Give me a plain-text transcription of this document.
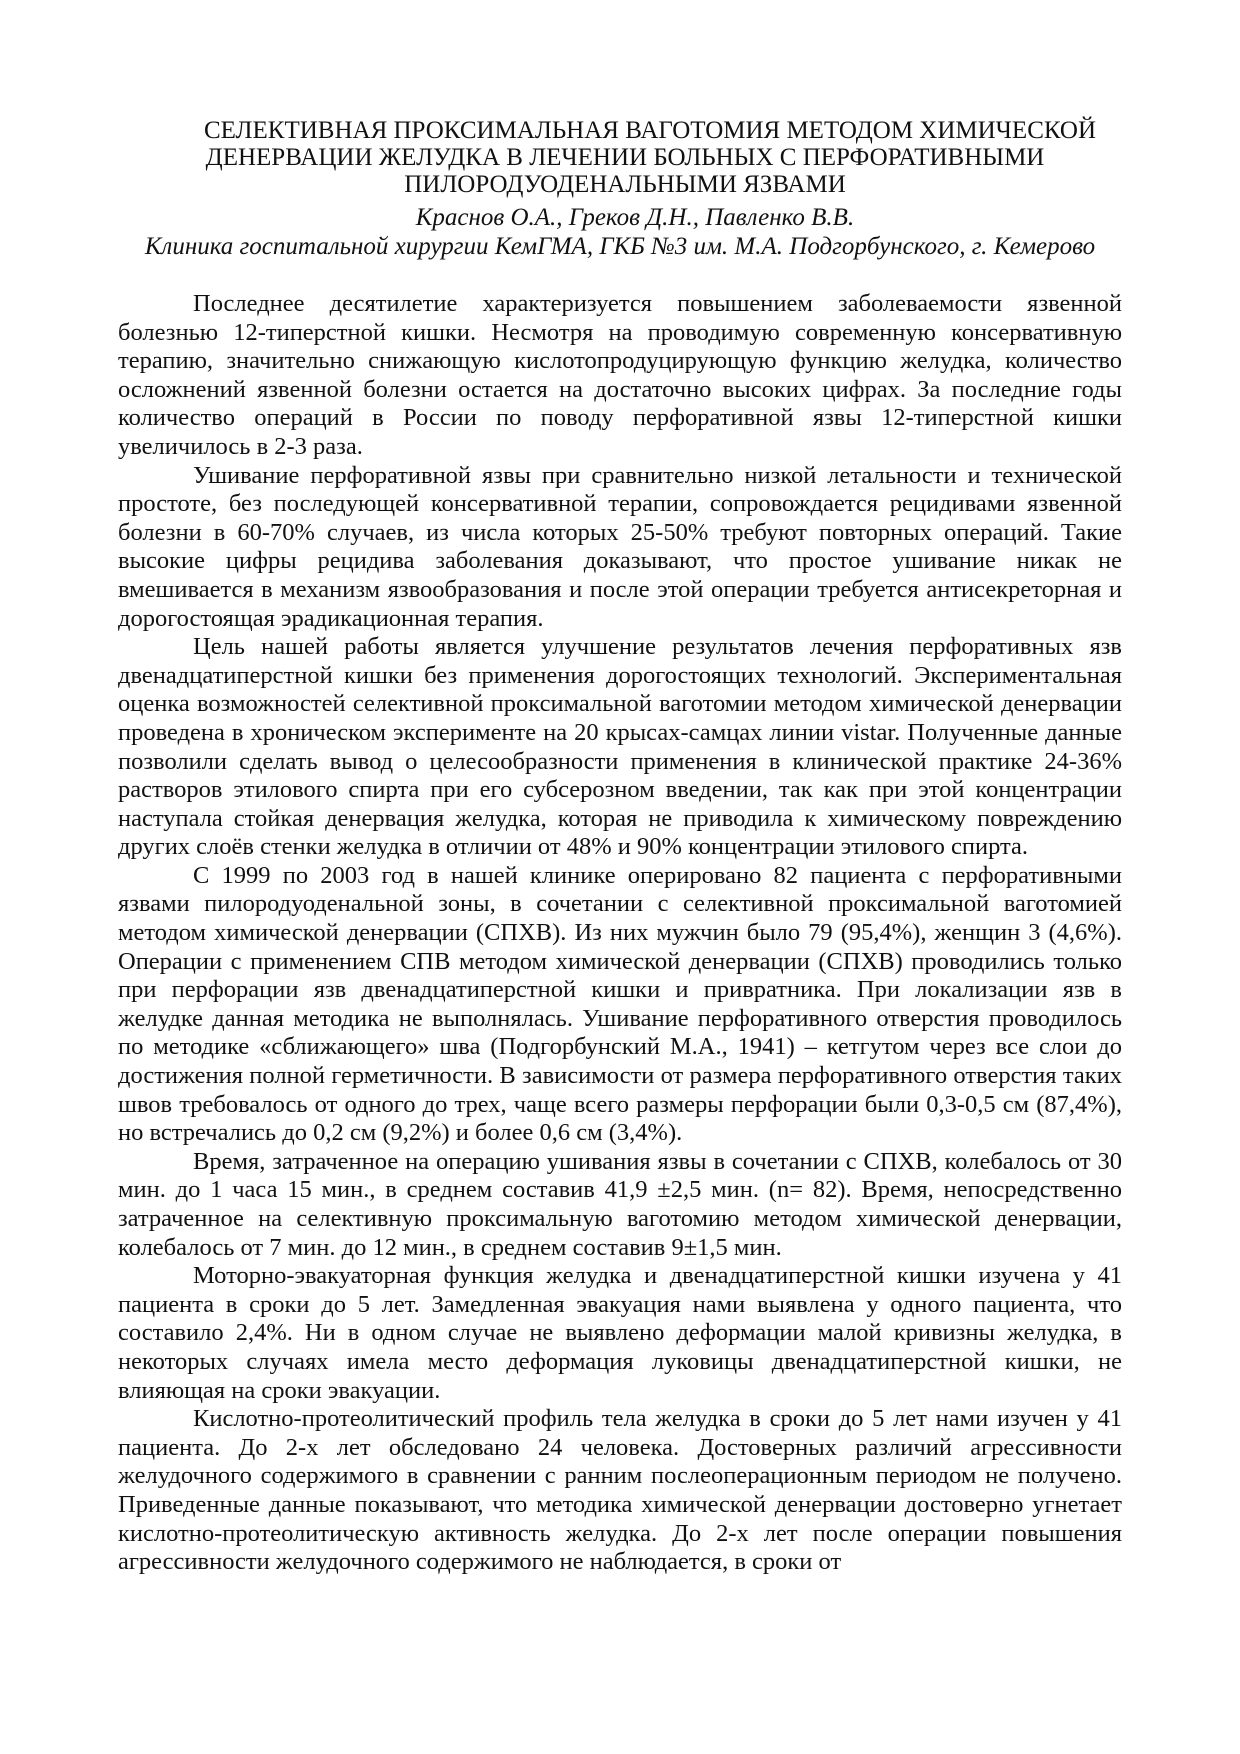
СЕЛЕКТИВНАЯ ПРОКСИМАЛЬНАЯ ВАГОТОМИЯ МЕТОДОМ ХИМИЧЕСКОЙ
ДЕНЕРВАЦИИ ЖЕЛУДКА В ЛЕЧЕНИИ БОЛЬНЫХ С ПЕРФОРАТИВНЫМИ
ПИЛОРОДУОДЕНАЛЬНЫМИ ЯЗВАМИ
Краснов О.А., Греков Д.Н., Павленко В.В.
Клиника госпитальной хирургии КемГМА, ГКБ №3 им. М.А. Подгорбунского, г. Кемерово

Последнее десятилетие характеризуется повышением заболеваемости язвенной болезнью 12-типерстной кишки. Несмотря на проводимую современную консервативную терапию, значительно снижающую кислотопродуцирующую функцию желудка, количество осложнений язвенной болезни остается на достаточно высоких цифрах. За последние годы количество операций в России по поводу перфоративной язвы 12-типерстной кишки увеличилось в 2-3 раза.

Ушивание перфоративной язвы при сравнительно низкой летальности и технической простоте, без последующей консервативной терапии, сопровождается рецидивами язвенной болезни в 60-70% случаев, из числа которых 25-50% требуют повторных операций. Такие высокие цифры рецидива заболевания доказывают, что простое ушивание никак не вмешивается в механизм язвообразования и после этой операции требуется антисекреторная и дорогостоящая эрадикационная терапия.

Цель нашей работы является улучшение результатов лечения перфоративных язв двенадцатиперстной кишки без применения дорогостоящих технологий. Экспериментальная оценка возможностей селективной проксимальной ваготомии методом химической денервации проведена в хроническом эксперименте на 20 крысах-самцах линии vistar. Полученные данные позволили сделать вывод о целесообразности применения в клинической практике 24-36% растворов этилового спирта при его субсерозном введении, так как при этой концентрации наступала стойкая денервация желудка, которая не приводила к химическому повреждению других слоёв стенки желудка в отличии от 48% и 90% концентрации этилового спирта.

С 1999 по 2003 год в нашей клинике оперировано 82 пациента с перфоративными язвами пилородуоденальной зоны, в сочетании с селективной проксимальной ваготомией методом химической денервации (СПХВ). Из них мужчин было 79 (95,4%), женщин 3 (4,6%). Операции с применением СПВ методом химической денервации (СПХВ) проводились только при перфорации язв двенадцатиперстной кишки и привратника. При локализации язв в желудке данная методика не выполнялась. Ушивание перфоративного отверстия проводилось по методике «сближающего» шва (Подгорбунский М.А., 1941) – кетгутом через все слои до достижения полной герметичности. В зависимости от размера перфоративного отверстия таких швов требовалось от одного до трех, чаще всего размеры перфорации были 0,3-0,5 см (87,4%), но встречались до 0,2 см (9,2%) и более 0,6 см (3,4%).

Время, затраченное на операцию ушивания язвы в сочетании с СПХВ, колебалось от 30 мин. до 1 часа 15 мин., в среднем составив 41,9 ±2,5 мин. (n= 82). Время, непосредственно затраченное на селективную проксимальную ваготомию методом химической денервации, колебалось от 7 мин. до 12 мин., в среднем составив 9±1,5 мин.

Моторно-эвакуаторная функция желудка и двенадцатиперстной кишки изучена у 41 пациента в сроки до 5 лет. Замедленная эвакуация нами выявлена у одного пациента, что составило 2,4%. Ни в одном случае не выявлено деформации малой кривизны желудка, в некоторых случаях имела место деформация луковицы двенадцатиперстной кишки, не влияющая на сроки эвакуации.

Кислотно-протеолитический профиль тела желудка в сроки до 5 лет нами изучен у 41 пациента. До 2-х лет обследовано 24 человека. Достоверных различий агрессивности желудочного содержимого в сравнении с ранним послеоперационным периодом не получено. Приведенные данные показывают, что методика химической денервации достоверно угнетает кислотно-протеолитическую активность желудка. До 2-х лет после операции повышения агрессивности желудочного содержимого не наблюдается, в сроки от
